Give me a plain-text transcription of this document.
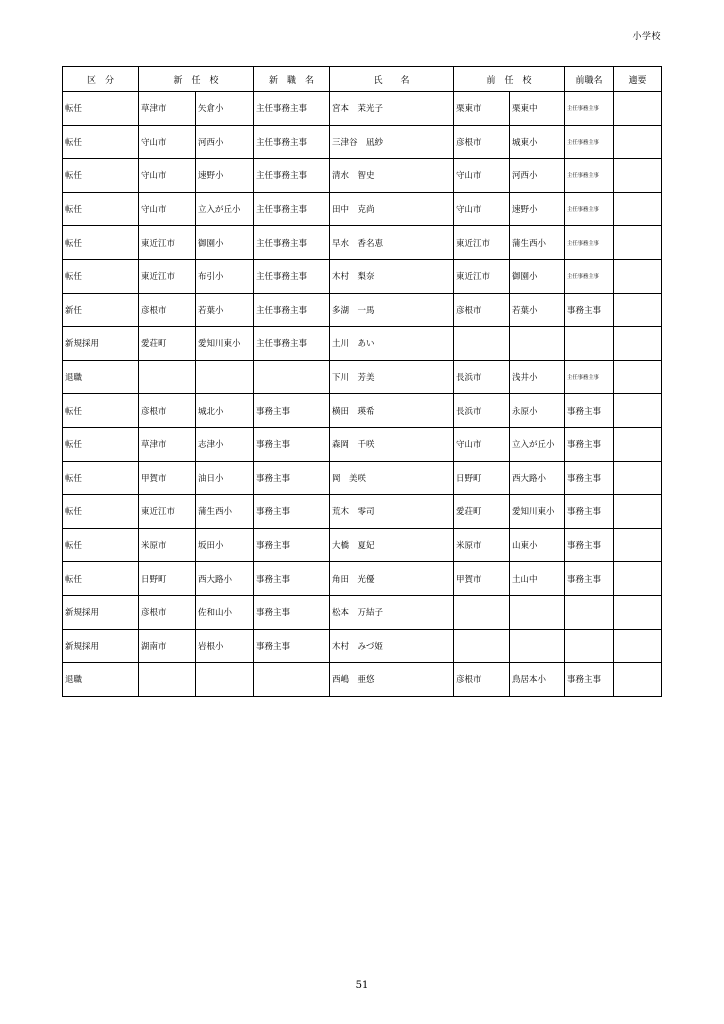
小学校
区　分	新　任　校		新　職　名	氏　　名	前　任　校		前職名	適要
転任	草津市	矢倉小	主任事務主事	宮本　茉光子	栗東市	栗東中	主任事務主事	
転任	守山市	河西小	主任事務主事	三津谷　凪紗	彦根市	城東小	主任事務主事	
転任	守山市	速野小	主任事務主事	清水　智史	守山市	河西小	主任事務主事	
転任	守山市	立入が丘小	主任事務主事	田中　克尚	守山市	速野小	主任事務主事	
転任	東近江市	御園小	主任事務主事	早水　香名恵	東近江市	蒲生西小	主任事務主事	
転任	東近江市	布引小	主任事務主事	木村　梨奈	東近江市	御園小	主任事務主事	
新任	彦根市	若葉小	主任事務主事	多湖　一馬	彦根市	若葉小	事務主事	
新規採用	愛荘町	愛知川東小	主任事務主事	土川　あい				
退職				下川　芳美	長浜市	浅井小	主任事務主事	
転任	彦根市	城北小	事務主事	横田　瑛希	長浜市	永原小	事務主事	
転任	草津市	志津小	事務主事	森岡　千咲	守山市	立入が丘小	事務主事	
転任	甲賀市	油日小	事務主事	岡　美咲	日野町	西大路小	事務主事	
転任	東近江市	蒲生西小	事務主事	荒木　零司	愛荘町	愛知川東小	事務主事	
転任	米原市	坂田小	事務主事	大橋　夏妃	米原市	山東小	事務主事	
転任	日野町	西大路小	事務主事	角田　光優	甲賀市	土山中	事務主事	
新規採用	彦根市	佐和山小	事務主事	松本　万結子				
新規採用	湖南市	岩根小	事務主事	木村　みづ姫				
退職				西嶋　亜悠	彦根市	鳥居本小	事務主事	
51
